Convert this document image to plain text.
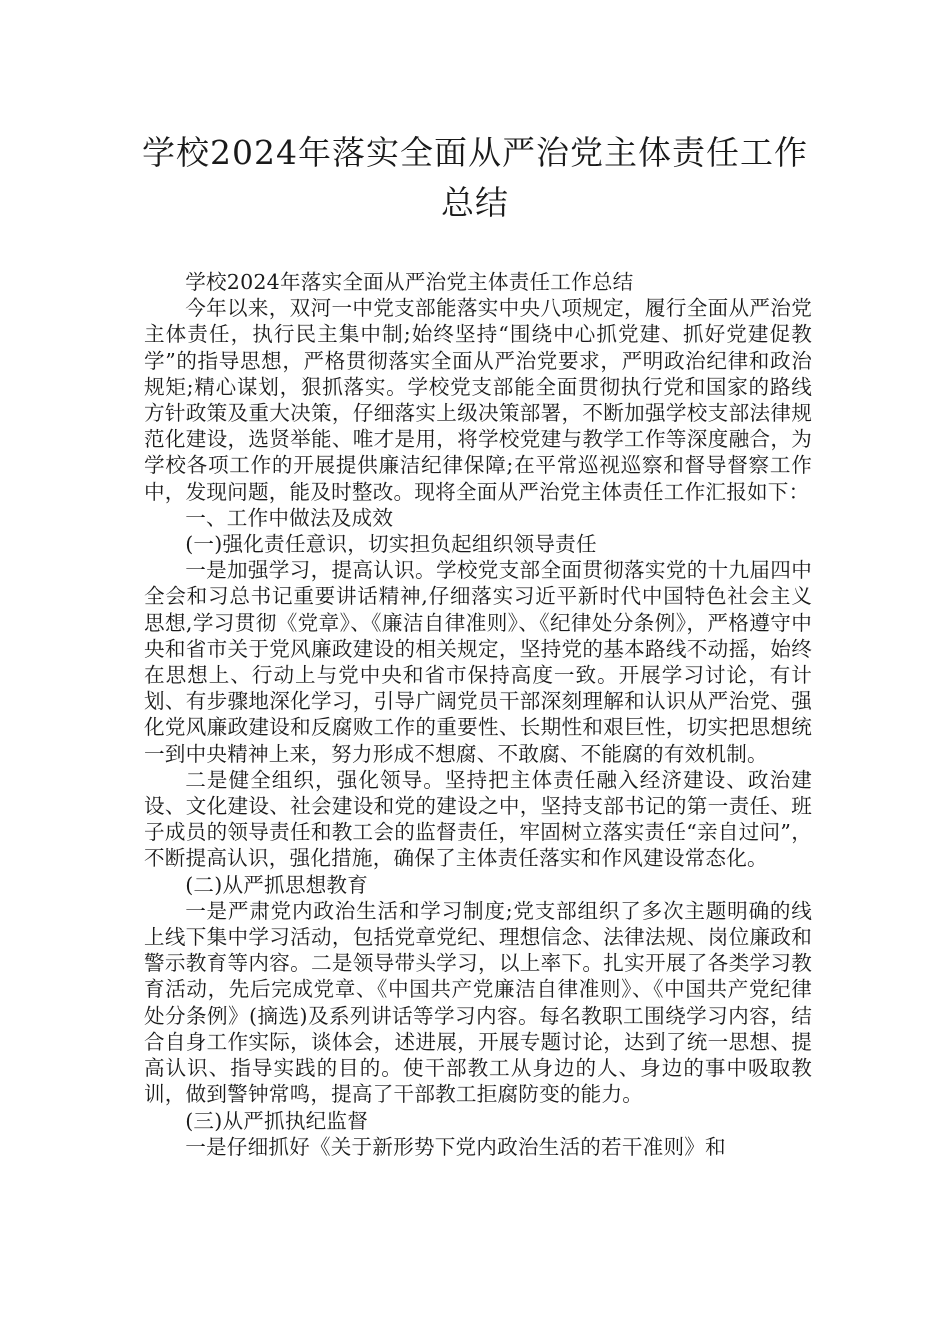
学校2024年落实全面从严治党主体责任工作总结

学校2024年落实全面从严治党主体责任工作总结

今年以来，双河一中党支部能落实中央八项规定，履行全面从严治党主体责任，执行民主集中制;始终坚持“围绕中心抓党建、抓好党建促教学”的指导思想，严格贯彻落实全面从严治党要求，严明政治纪律和政治规矩;精心谋划，狠抓落实。学校党支部能全面贯彻执行党和国家的路线方针政策及重大决策，仔细落实上级决策部署，不断加强学校支部法律规范化建设，选贤举能、唯才是用，将学校党建与教学工作等深度融合，为学校各项工作的开展提供廉洁纪律保障;在平常巡视巡察和督导督察工作中，发现问题，能及时整改。现将全面从严治党主体责任工作汇报如下：

一、工作中做法及成效

(一)强化责任意识，切实担负起组织领导责任

一是加强学习，提高认识。学校党支部全面贯彻落实党的十九届四中全会和习总书记重要讲话精神,仔细落实习近平新时代中国特色社会主义思想,学习贯彻《党章》、《廉洁自律准则》、《纪律处分条例》，严格遵守中央和省市关于党风廉政建设的相关规定，坚持党的基本路线不动摇，始终在思想上、行动上与党中央和省市保持高度一致。开展学习讨论，有计划、有步骤地深化学习，引导广阔党员干部深刻理解和认识从严治党、强化党风廉政建设和反腐败工作的重要性、长期性和艰巨性，切实把思想统一到中央精神上来，努力形成不想腐、不敢腐、不能腐的有效机制。

二是健全组织，强化领导。坚持把主体责任融入经济建设、政治建设、文化建设、社会建设和党的建设之中，坚持支部书记的第一责任、班子成员的领导责任和教工会的监督责任，牢固树立落实责任“亲自过问”，不断提高认识，强化措施，确保了主体责任落实和作风建设常态化。

(二)从严抓思想教育

一是严肃党内政治生活和学习制度;党支部组织了多次主题明确的线上线下集中学习活动，包括党章党纪、理想信念、法律法规、岗位廉政和警示教育等内容。二是领导带头学习，以上率下。扎实开展了各类学习教育活动，先后完成党章、《中国共产党廉洁自律准则》、《中国共产党纪律处分条例》(摘选)及系列讲话等学习内容。每名教职工围绕学习内容，结合自身工作实际，谈体会，述进展，开展专题讨论，达到了统一思想、提高认识、指导实践的目的。使干部教工从身边的人、身边的事中吸取教训，做到警钟常鸣，提高了干部教工拒腐防变的能力。

(三)从严抓执纪监督

一是仔细抓好《关于新形势下党内政治生活的若干准则》和
